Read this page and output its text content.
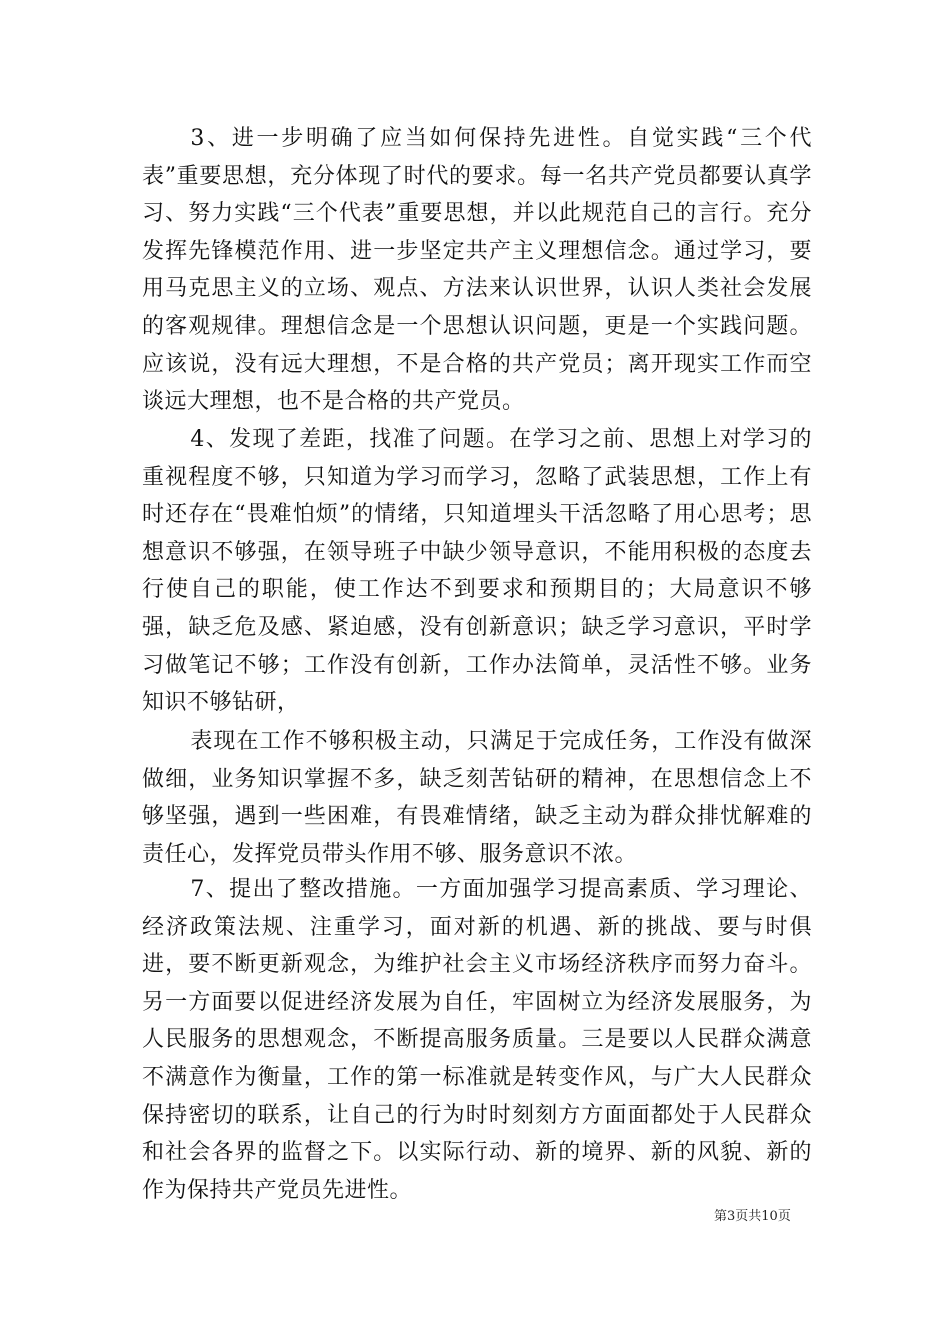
3、进一步明确了应当如何保持先进性。自觉实践“三个代表”重要思想，充分体现了时代的要求。每一名共产党员都要认真学习、努力实践“三个代表”重要思想，并以此规范自己的言行。充分发挥先锋模范作用、进一步坚定共产主义理想信念。通过学习，要用马克思主义的立场、观点、方法来认识世界，认识人类社会发展的客观规律。理想信念是一个思想认识问题，更是一个实践问题。应该说，没有远大理想，不是合格的共产党员；离开现实工作而空谈远大理想，也不是合格的共产党员。

4、发现了差距，找准了问题。在学习之前、思想上对学习的重视程度不够，只知道为学习而学习，忽略了武装思想，工作上有时还存在“畏难怕烦”的情绪，只知道埋头干活忽略了用心思考；思想意识不够强，在领导班子中缺少领导意识，不能用积极的态度去行使自己的职能，使工作达不到要求和预期目的；大局意识不够强，缺乏危及感、紧迫感，没有创新意识；缺乏学习意识，平时学习做笔记不够；工作没有创新，工作办法简单，灵活性不够。业务知识不够钻研，

表现在工作不够积极主动，只满足于完成任务，工作没有做深做细，业务知识掌握不多，缺乏刻苦钻研的精神，在思想信念上不够坚强，遇到一些困难，有畏难情绪，缺乏主动为群众排忧解难的责任心，发挥党员带头作用不够、服务意识不浓。

7、提出了整改措施。一方面加强学习提高素质、学习理论、经济政策法规、注重学习，面对新的机遇、新的挑战、要与时俱进，要不断更新观念，为维护社会主义市场经济秩序而努力奋斗。另一方面要以促进经济发展为自任，牢固树立为经济发展服务，为人民服务的思想观念，不断提高服务质量。三是要以人民群众满意不满意作为衡量，工作的第一标准就是转变作风，与广大人民群众保持密切的联系，让自己的行为时时刻刻方方面面都处于人民群众和社会各界的监督之下。以实际行动、新的境界、新的风貌、新的作为保持共产党员先进性。

第3页共10页
